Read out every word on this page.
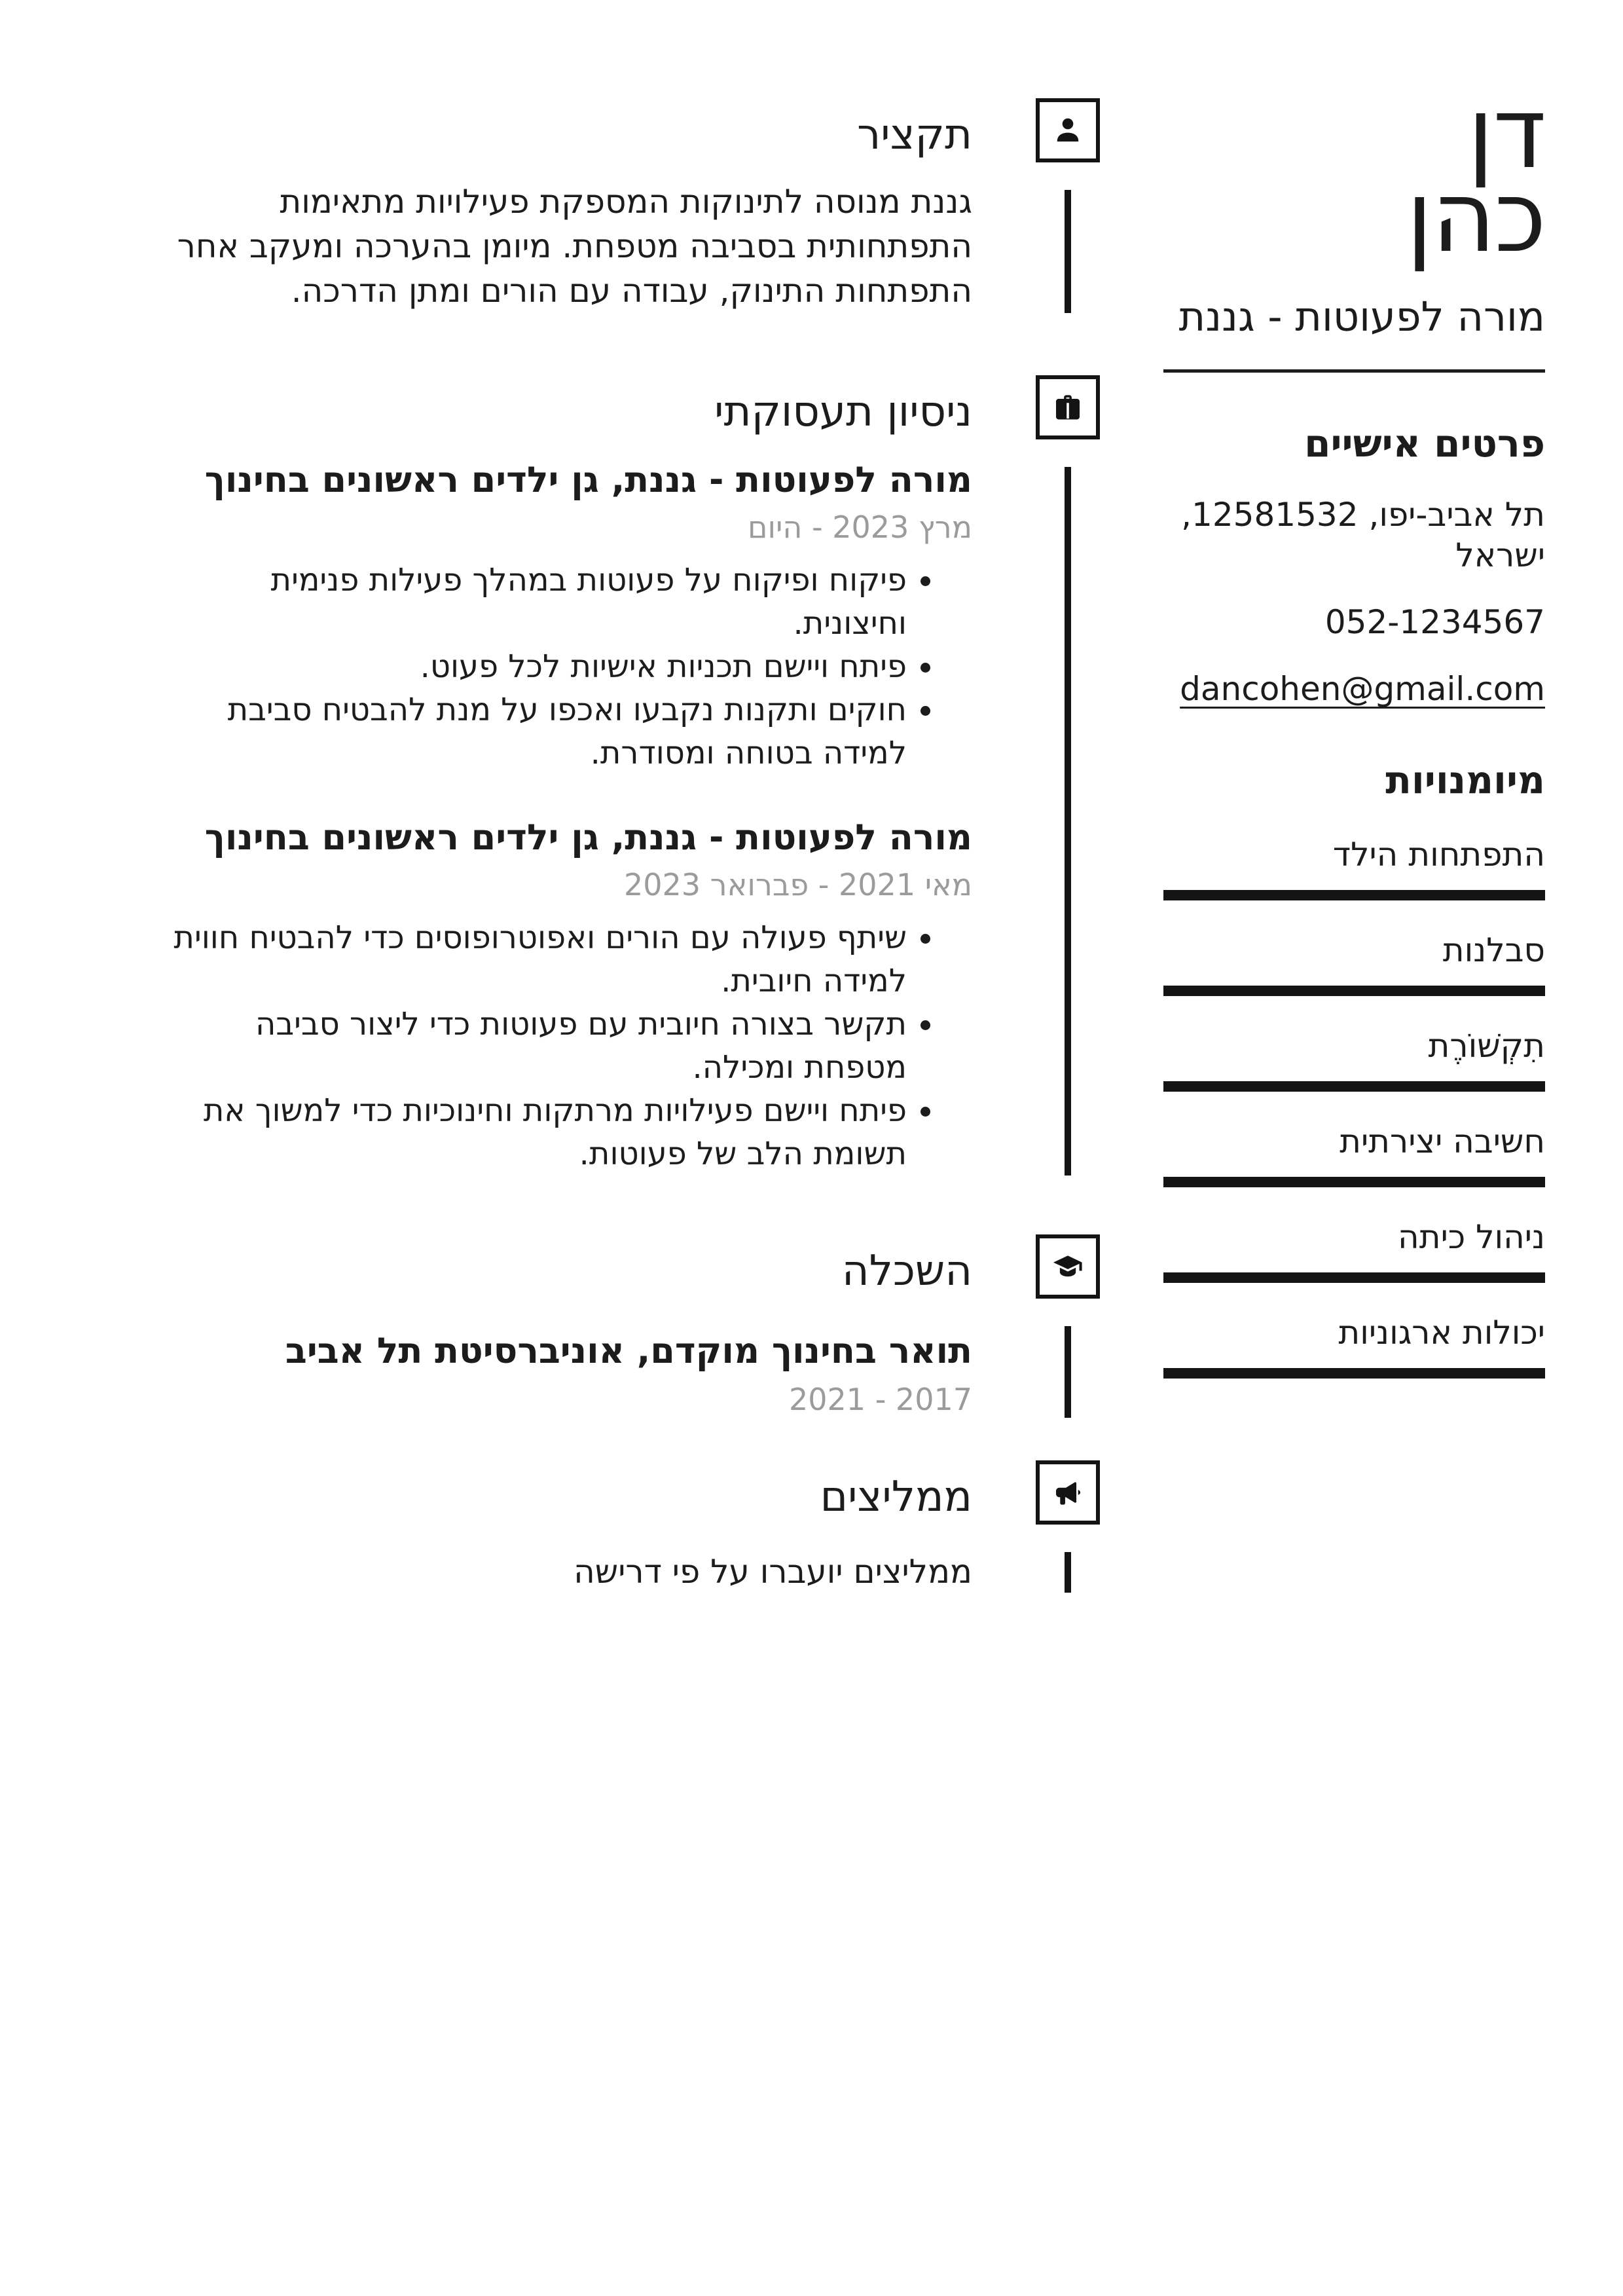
דן
כהן
מורה לפעוטות - גננת
פרטים אישיים
תל אביב-יפו, 12581532, ישראל
052-1234567
dancohen@gmail.com
מיומנויות
התפתחות הילד
סבלנות
תִקְשׁוֹרֶת
חשיבה יצירתית
ניהול כיתה
יכולות ארגוניות
תקציר
גננת מנוסה לתינוקות המספקת פעילויות מתאימות התפתחותית בסביבה מטפחת. מיומן בהערכה ומעקב אחר התפתחות התינוק, עבודה עם הורים ומתן הדרכה.
ניסיון תעסוקתי
מורה לפעוטות - גננת, גן ילדים ראשונים בחינוך
מרץ 2023 - היום
• פיקוח ופיקוח על פעוטות במהלך פעילות פנימית וחיצונית.
• פיתח ויישם תכניות אישיות לכל פעוט.
• חוקים ותקנות נקבעו ואכפו על מנת להבטיח סביבת למידה בטוחה ומסודרת.
מורה לפעוטות - גננת, גן ילדים ראשונים בחינוך
מאי 2021 - פברואר 2023
• שיתף פעולה עם הורים ואפוטרופוסים כדי להבטיח חווית למידה חיובית.
• תקשר בצורה חיובית עם פעוטות כדי ליצור סביבה מטפחת ומכילה.
• פיתח ויישם פעילויות מרתקות וחינוכיות כדי למשוך את תשומת הלב של פעוטות.
השכלה
תואר בחינוך מוקדם, אוניברסיטת תל אביב
2017 - 2021
ממליצים
ממליצים יועברו על פי דרישה
